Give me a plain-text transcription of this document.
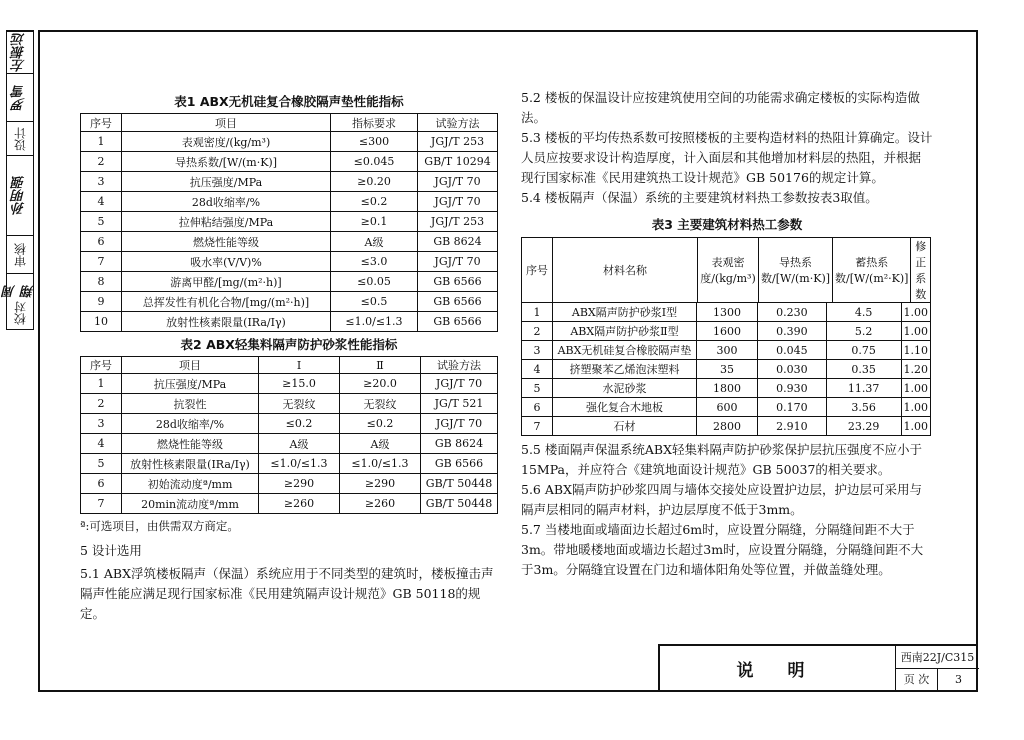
左振远
罗雪
设计
孙明强
审核
周翔
校对
表1 ABX无机硅复合橡胶隔声垫性能指标
序号	项目	指标要求	试验方法
1	表观密度/(kg/m³)	≤300	JGJ/T 253
2	导热系数/[W/(m·K)]	≤0.045	GB/T 10294
3	抗压强度/MPa	≥0.20	JGJ/T 70
4	28d收缩率/%	≤0.2	JGJ/T 70
5	拉伸粘结强度/MPa	≥0.1	JGJ/T 253
6	燃烧性能等级	A级	GB 8624
7	吸水率(V/V)%	≤3.0	JGJ/T 70
8	游离甲醛/[mg/(m²·h)]	≤0.05	GB 6566
9	总挥发性有机化合物/[mg/(m²·h)]	≤0.5	GB 6566
10	放射性核素限量(IRa/Iγ)	≤1.0/≤1.3	GB 6566
表2 ABX轻集料隔声防护砂浆性能指标
序号	项目	Ⅰ	Ⅱ	试验方法
1	抗压强度/MPa	≥15.0	≥20.0	JGJ/T 70
2	抗裂性	无裂纹	无裂纹	JG/T 521
3	28d收缩率/%	≤0.2	≤0.2	JGJ/T 70
4	燃烧性能等级	A级	A级	GB 8624
5	放射性核素限量(IRa/Iγ)	≤1.0/≤1.3	≤1.0/≤1.3	GB 6566
6	初始流动度ª/mm	≥290	≥290	GB/T 50448
7	20min流动度ª/mm	≥260	≥260	GB/T 50448
ª:可选项目，由供需双方商定。
5 设计选用

5.1 ABX浮筑楼板隔声（保温）系统应用于不同类型的建筑时，楼板撞击声隔声性能应满足现行国家标准《民用建筑隔声设计规范》GB 50118的规定。

5.2 楼板的保温设计应按建筑使用空间的功能需求确定楼板的实际构造做法。

5.3 楼板的平均传热系数可按照楼板的主要构造材料的热阻计算确定。设计人员应按要求设计构造厚度，计入面层和其他增加材料层的热阻，并根据现行国家标准《民用建筑热工设计规范》GB 50176的规定计算。

5.4 楼板隔声（保温）系统的主要建筑材料热工参数按表3取值。

表3 主要建筑材料热工参数
序号	材料名称	表观密度/(kg/m³)	导热系数/[W/(m·K)]	蓄热系数/[W/(m²·K)]	修正系数
1	ABX隔声防护砂浆Ⅰ型	1300	0.230	4.5	1.00
2	ABX隔声防护砂浆Ⅱ型	1600	0.390	5.2	1.00
3	ABX无机硅复合橡胶隔声垫	300	0.045	0.75	1.10
4	挤塑聚苯乙烯泡沫塑料	35	0.030	0.35	1.20
5	水泥砂浆	1800	0.930	11.37	1.00
6	强化复合木地板	600	0.170	3.56	1.00
7	石材	2800	2.910	23.29	1.00

5.5 楼面隔声保温系统ABX轻集料隔声防护砂浆保护层抗压强度不应小于15MPa，并应符合《建筑地面设计规范》GB 50037的相关要求。

5.6 ABX隔声防护砂浆四周与墙体交接处应设置护边层，护边层可采用与隔声层相同的隔声材料，护边层厚度不低于3mm。

5.7 当楼地面或墙面边长超过6m时，应设置分隔缝，分隔缝间距不大于3m。带地暖楼地面或墙边长超过3m时，应设置分隔缝，分隔缝间距不大于3m。分隔缝宜设置在门边和墙体阳角处等位置，并做盖缝处理。

说 明
西南22J/C315
页 次	3
